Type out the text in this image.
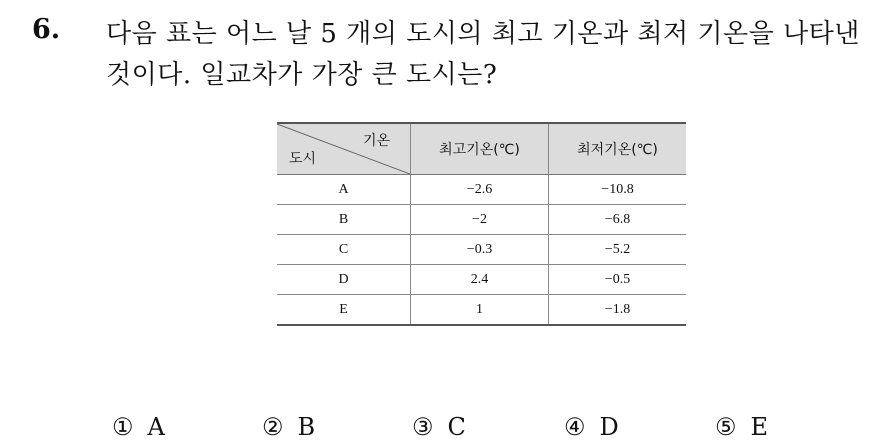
6. 다음 표는 어느 날 5 개의 도시의 최고 기온과 최저 기온을 나타낸 것이다. 일교차가 가장 큰 도시는?
기온
도시	최고기온(℃)	최저기온(℃)
A	−2.6	−10.8
B	−2	−6.8
C	−0.3	−5.2
D	2.4	−0.5
E	1	−1.8
① A	② B	③ C	④ D	⑤ E
